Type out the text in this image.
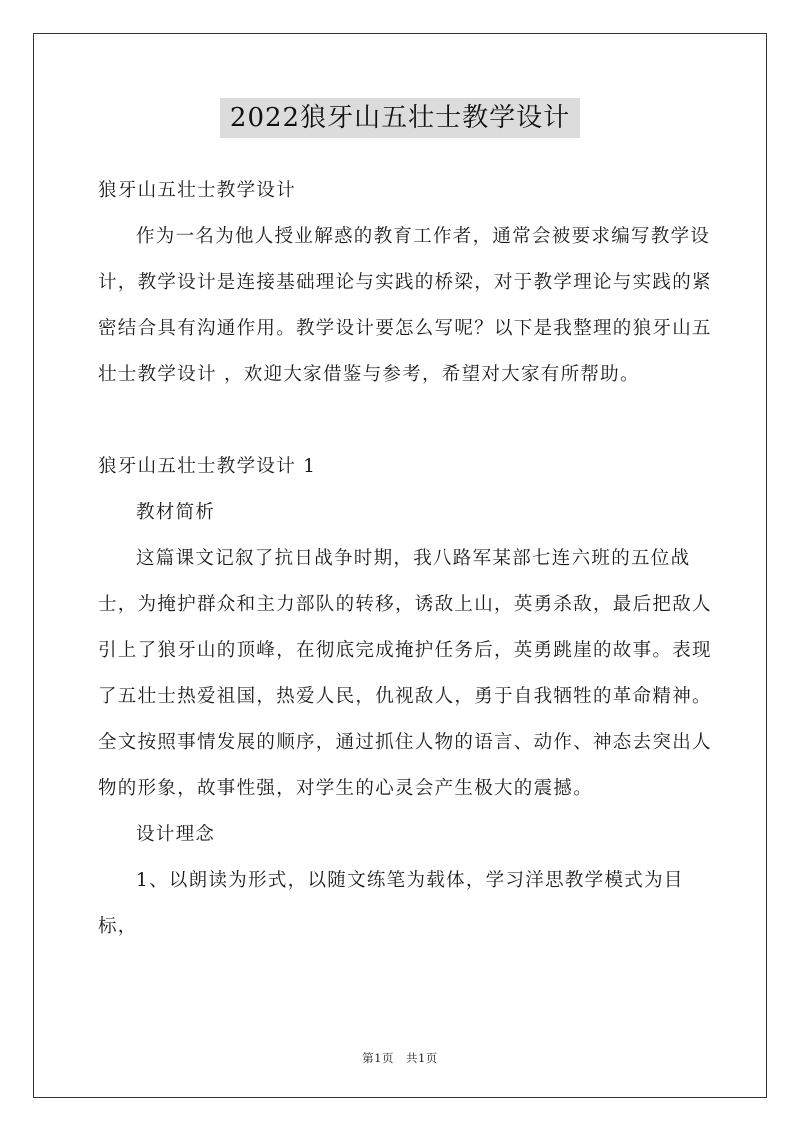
2022狼牙山五壮士教学设计

狼牙山五壮士教学设计

作为一名为他人授业解惑的教育工作者，通常会被要求编写教学设计，教学设计是连接基础理论与实践的桥梁，对于教学理论与实践的紧密结合具有沟通作用。教学设计要怎么写呢？以下是我整理的狼牙山五壮士教学设计 ，欢迎大家借鉴与参考，希望对大家有所帮助。

狼牙山五壮士教学设计 1

教材简析

这篇课文记叙了抗日战争时期，我八路军某部七连六班的五位战士，为掩护群众和主力部队的转移，诱敌上山，英勇杀敌，最后把敌人引上了狼牙山的顶峰，在彻底完成掩护任务后，英勇跳崖的故事。表现了五壮士热爱祖国，热爱人民，仇视敌人，勇于自我牺牲的革命精神。全文按照事情发展的顺序，通过抓住人物的语言、动作、神态去突出人物的形象，故事性强，对学生的心灵会产生极大的震撼。

设计理念

1、以朗读为形式，以随文练笔为载体，学习洋思教学模式为目标，

第1页　共1页
